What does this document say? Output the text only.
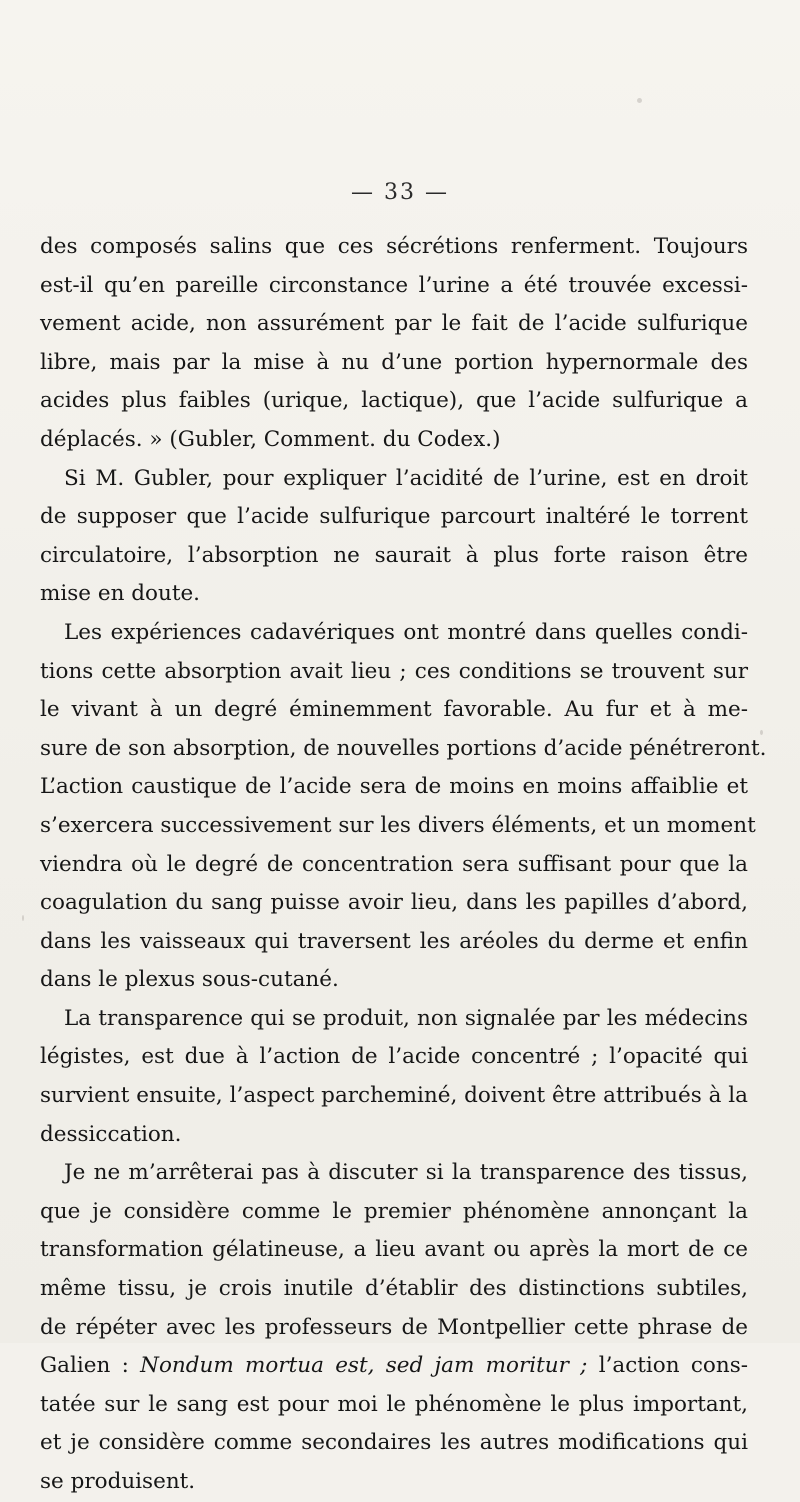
— 33 —
des composés salins que ces sécrétions renferment. Toujours
est-il qu’en pareille circonstance l’urine a été trouvée excessi-
vement acide, non assurément par le fait de l’acide sulfurique
libre, mais par la mise à nu d’une portion hypernormale des
acides plus faibles (urique, lactique), que l’acide sulfurique a
déplacés. » (Gubler, Comment. du Codex.)
Si M. Gubler, pour expliquer l’acidité de l’urine, est en droit
de supposer que l’acide sulfurique parcourt inaltéré le torrent
circulatoire, l’absorption ne saurait à plus forte raison être
mise en doute.
Les expériences cadavériques ont montré dans quelles condi-
tions cette absorption avait lieu ; ces conditions se trouvent sur
le vivant à un degré éminemment favorable. Au fur et à me-
sure de son absorption, de nouvelles portions d’acide pénétreront.
L’action caustique de l’acide sera de moins en moins affaiblie et
s’exercera successivement sur les divers éléments, et un moment
viendra où le degré de concentration sera suffisant pour que la
coagulation du sang puisse avoir lieu, dans les papilles d’abord,
dans les vaisseaux qui traversent les aréoles du derme et enfin
dans le plexus sous-cutané.
La transparence qui se produit, non signalée par les médecins
légistes, est due à l’action de l’acide concentré ; l’opacité qui
survient ensuite, l’aspect parcheminé, doivent être attribués à la
dessiccation.
Je ne m’arrêterai pas à discuter si la transparence des tissus,
que je considère comme le premier phénomène annonçant la
transformation gélatineuse, a lieu avant ou après la mort de ce
même tissu, je crois inutile d’établir des distinctions subtiles,
de répéter avec les professeurs de Montpellier cette phrase de
Galien : Nondum mortua est, sed jam moritur ; l’action cons-
tatée sur le sang est pour moi le phénomène le plus important,
et je considère comme secondaires les autres modifications qui
se produisent.
